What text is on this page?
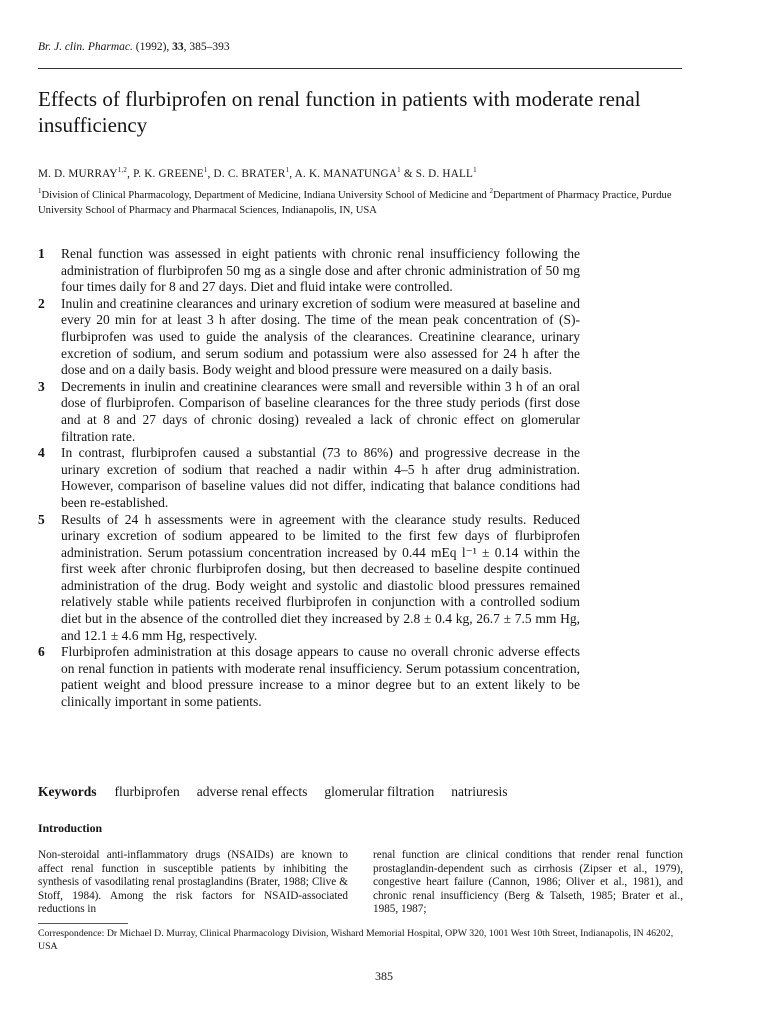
Br. J. clin. Pharmac. (1992), 33, 385–393
Effects of flurbiprofen on renal function in patients with moderate renal insufficiency
M. D. MURRAY$^{1,2}$, P. K. GREENE$^1$, D. C. BRATER$^1$, A. K. MANATUNGA$^1$ & S. D. HALL$^1$
$^1$Division of Clinical Pharmacology, Department of Medicine, Indiana University School of Medicine and $^2$Department of Pharmacy Practice, Purdue University School of Pharmacy and Pharmacal Sciences, Indianapolis, IN, USA
1 Renal function was assessed in eight patients with chronic renal insufficiency following the administration of flurbiprofen 50 mg as a single dose and after chronic administration of 50 mg four times daily for 8 and 27 days. Diet and fluid intake were controlled.
2 Inulin and creatinine clearances and urinary excretion of sodium were measured at baseline and every 20 min for at least 3 h after dosing. The time of the mean peak concentration of (S)-flurbiprofen was used to guide the analysis of the clearances. Creatinine clearance, urinary excretion of sodium, and serum sodium and potassium were also assessed for 24 h after the dose and on a daily basis. Body weight and blood pressure were measured on a daily basis.
3 Decrements in inulin and creatinine clearances were small and reversible within 3 h of an oral dose of flurbiprofen. Comparison of baseline clearances for the three study periods (first dose and at 8 and 27 days of chronic dosing) revealed a lack of chronic effect on glomerular filtration rate.
4 In contrast, flurbiprofen caused a substantial (73 to 86%) and progressive decrease in the urinary excretion of sodium that reached a nadir within 4–5 h after drug administration. However, comparison of baseline values did not differ, indicating that balance conditions had been re-established.
5 Results of 24 h assessments were in agreement with the clearance study results. Reduced urinary excretion of sodium appeared to be limited to the first few days of flurbiprofen administration. Serum potassium concentration increased by 0.44 mEq l⁻¹ ± 0.14 within the first week after chronic flurbiprofen dosing, but then decreased to baseline despite continued administration of the drug. Body weight and systolic and diastolic blood pressures remained relatively stable while patients received flurbiprofen in conjunction with a controlled sodium diet but in the absence of the controlled diet they increased by 2.8 ± 0.4 kg, 26.7 ± 7.5 mm Hg, and 12.1 ± 4.6 mm Hg, respectively.
6 Flurbiprofen administration at this dosage appears to cause no overall chronic adverse effects on renal function in patients with moderate renal insufficiency. Serum potassium concentration, patient weight and blood pressure increase to a minor degree but to an extent likely to be clinically important in some patients.
Keywords flurbiprofen adverse renal effects glomerular filtration natriuresis
Introduction

Non-steroidal anti-inflammatory drugs (NSAIDs) are known to affect renal function in susceptible patients by inhibiting the synthesis of vasodilating renal prostaglandins (Brater, 1988; Clive & Stoff, 1984). Among the risk factors for NSAID-associated reductions in

renal function are clinical conditions that render renal function prostaglandin-dependent such as cirrhosis (Zipser et al., 1979), congestive heart failure (Cannon, 1986; Oliver et al., 1981), and chronic renal insufficiency (Berg & Talseth, 1985; Brater et al., 1985, 1987;

Correspondence: Dr Michael D. Murray, Clinical Pharmacology Division, Wishard Memorial Hospital, OPW 320, 1001 West 10th Street, Indianapolis, IN 46202, USA
385
